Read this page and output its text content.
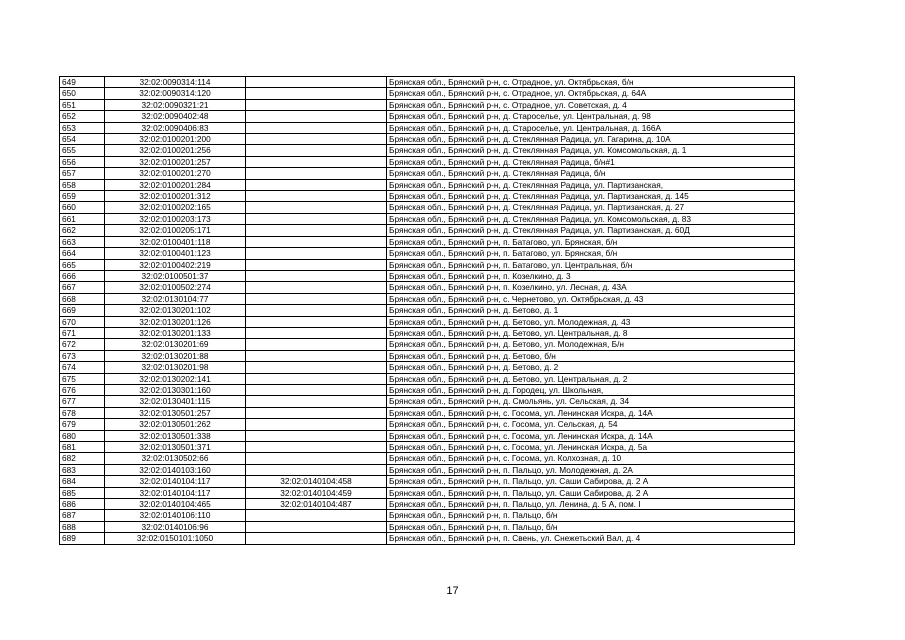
649	32:02:0090314:114		Брянская обл., Брянский р-н, с. Отрадное, ул. Октябрьская, б/н
650	32:02:0090314:120		Брянская обл., Брянский р-н, с. Отрадное, ул. Октябрьская, д. 64А
651	32:02:0090321:21		Брянская обл., Брянский р-н, с. Отрадное, ул. Советская, д. 4
652	32:02:0090402:48		Брянская обл., Брянский р-н, д. Староселье, ул. Центральная, д. 98
653	32:02:0090406:83		Брянская обл., Брянский р-н, д. Староселье, ул. Центральная, д. 166А
654	32:02:0100201:200		Брянская обл., Брянский р-н, д. Стеклянная Радица, ул. Гагарина, д. 10А
655	32:02:0100201:256		Брянская обл., Брянский р-н, д. Стеклянная Радица, ул. Комсомольская, д. 1
656	32:02:0100201:257		Брянская обл., Брянский р-н, д. Стеклянная Радица, б/н#1
657	32:02:0100201:270		Брянская обл., Брянский р-н, д. Стеклянная Радица, б/н
658	32:02:0100201:284		Брянская обл., Брянский р-н, д. Стеклянная Радица, ул. Партизанская,
659	32:02:0100201:312		Брянская обл., Брянский р-н, д. Стеклянная Радица, ул. Партизанская, д. 145
660	32:02:0100202:165		Брянская обл., Брянский р-н, д. Стеклянная Радица, ул. Партизанская, д. 27
661	32:02:0100203:173		Брянская обл., Брянский р-н, д. Стеклянная Радица, ул. Комсомольская, д. 83
662	32:02:0100205:171		Брянская обл., Брянский р-н, д. Стеклянная Радица, ул. Партизанская, д. 60Д
663	32:02:0100401:118		Брянская обл., Брянский р-н, п. Батагово, ул. Брянская, б/н
664	32:02:0100401:123		Брянская обл., Брянский р-н, п. Батагово, ул. Брянская, б/н
665	32:02:0100402:219		Брянская обл., Брянский р-н, п. Батагово, ул. Центральная, б/н
666	32:02:0100501:37		Брянская обл., Брянский р-н, п. Козелкино, д. 3
667	32:02:0100502:274		Брянская обл., Брянский р-н, п. Козелкино, ул. Лесная, д. 43А
668	32:02:0130104:77		Брянская обл., Брянский р-н, с. Чернетово, ул. Октябрьская, д. 43
669	32:02:0130201:102		Брянская обл., Брянский р-н, д. Бетово, д. 1
670	32:02:0130201:126		Брянская обл., Брянский р-н, д. Бетово, ул. Молодежная, д. 43
671	32:02:0130201:133		Брянская обл., Брянский р-н, д. Бетово, ул. Центральная, д. 8
672	32:02:0130201:69		Брянская обл., Брянский р-н, д. Бетово, ул. Молодежная, Б/н
673	32:02:0130201:88		Брянская обл., Брянский р-н, д. Бетово, б/н
674	32:02:0130201:98		Брянская обл., Брянский р-н, д. Бетово, д. 2
675	32:02:0130202:141		Брянская обл., Брянский р-н, д. Бетово, ул. Центральная, д. 2
676	32:02:0130301:160		Брянская обл., Брянский р-н, д. Городец, ул. Школьная,
677	32:02:0130401:115		Брянская обл., Брянский р-н, д. Смольянь, ул. Сельская, д. 34
678	32:02:0130501:257		Брянская обл., Брянский р-н, с. Госома, ул. Ленинская Искра, д. 14А
679	32:02:0130501:262		Брянская обл., Брянский р-н, с. Госома, ул. Сельская, д. 54
680	32:02:0130501:338		Брянская обл., Брянский р-н, с. Госома, ул. Ленинская Искра, д. 14А
681	32:02:0130501:371		Брянская обл., Брянский р-н, с. Госома, ул. Ленинская Искра, д. 5а
682	32:02:0130502:66		Брянская обл., Брянский р-н, с. Госома, ул. Колхозная, д. 10
683	32:02:0140103:160		Брянская обл., Брянский р-н, п. Пальцо, ул. Молодежная, д. 2А
684	32:02:0140104:117	32:02:0140104:458	Брянская обл., Брянский р-н, п. Пальцо, ул. Саши Сабирова, д. 2 А
685	32:02:0140104:117	32:02:0140104:459	Брянская обл., Брянский р-н, п. Пальцо, ул. Саши Сабирова, д. 2 А
686	32:02:0140104:465	32:02:0140104:487	Брянская обл., Брянский р-н, п. Пальцо, ул. Ленина, д. 5 А, пом. I
687	32:02:0140106:110		Брянская обл., Брянский р-н, п. Пальцо, б/н
688	32:02:0140106:96		Брянская обл., Брянский р-н, п. Пальцо, б/н
689	32:02:0150101:1050		Брянская обл., Брянский р-н, п. Свень, ул. Снежетьский Вал, д. 4
17
